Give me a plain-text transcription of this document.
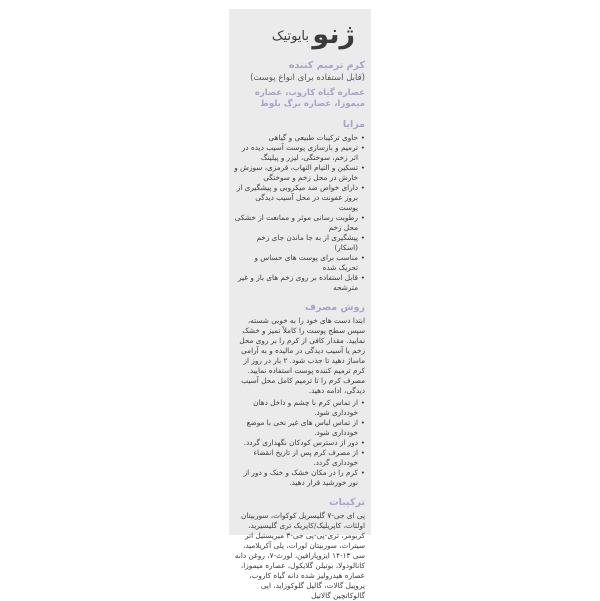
ژنو
بایوتیک
کرم ترمیم کننده
(قابل استفاده برای انواع پوست)
عصاره گیاه کاروب، عصاره میموزا، عصاره برگ بلوط
مزایا
• حاوی ترکیبات طبیعی و گیاهی
• ترمیم و بازسازی پوست آسیب دیده در اثر زخم، سوختگی، لیزر و پیلینگ
• تسکین و التیام التهاب، قرمزی، سوزش و خارش در محل زخم و سوختگی
• دارای خواص ضد میکروبی و پیشگیری از بروز عفونت در محل آسیب دیدگی پوست
• رطوبت رسانی موثر و ممانعت از خشکی محل زخم
• پیشگیری از به جا ماندن جای زخم (اسکار)
• مناسب برای پوست های حساس و تحریک شده
• قابل استفاده بر روی زخم های باز و غیر مترشحه
روش مصرف

ابتدا دست های خود را به خوبی شسته، سپس سطح پوست را کاملاً تمیز و خشک نمایید. مقدار کافی از کرم را بر روی محل زخم یا آسیب دیدگی در مالیده و به آرامی ماساژ دهید تا جذب شود. ۲ بار در روز از کرم ترمیم کننده پوست استفاده نمایید. مصرف کرم را تا ترمیم کامل محل آسیب دیدگی، ادامه دهید.

• از تماس کرم با چشم و داخل دهان خودداری شود.
• از تماس لباس های غیر نخی با موضع خودداری شود.
• دور از دسترس کودکان نگهداری گردد.
• از مصرف کرم پس از تاریخ انقضاء خودداری گردد.
• کرم را در مکان خشک و خنک و دور از نور خورشید قرار دهید.
ترکیبات

پی ای جی-۷ گلیسریل کوکوات، سوربیتان اولئات، کاپریلیک/کاپریک تری گلیسیرید، کربومر، تری-پی-پی جی-۳ میریستیل اتر سیترات، سوربیتان لورات، پلی آکریلامید، سی ۱۳-۱۴ ایزوپارافین، لورث-۷، روغن دانه کانالودولا، بوتیلن گلایکول، عصاره میموزا، عصاره هیدرولیز شده دانه گیاه کاروب، پروپیل گالات، گالیل گلوکوزاید، اپی گالوکاتچین گالاتیل
